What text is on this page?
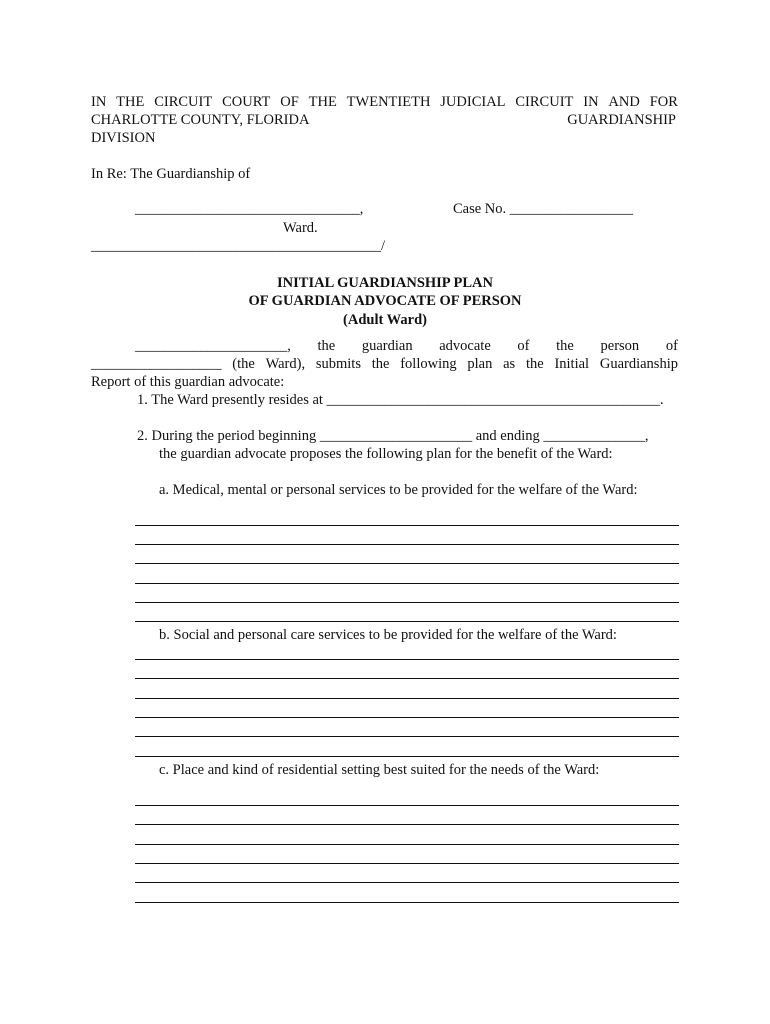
IN THE CIRCUIT COURT OF THE TWENTIETH JUDICIAL CIRCUIT IN AND FOR
CHARLOTTE COUNTY, FLORIDA	GUARDIANSHIP
DIVISION
In Re: The Guardianship of
_______________________________,	Case No. _________________
Ward.
________________________________________/
INITIAL GUARDIANSHIP PLAN
OF GUARDIAN ADVOCATE OF PERSON
(Adult Ward)
_____________________, the guardian advocate of the person of
__________________ (the Ward), submits the following plan as the Initial Guardianship
Report of this guardian advocate:
1. The Ward presently resides at ______________________________________________.
2. During the period beginning _____________________ and ending ______________,
the guardian advocate proposes the following plan for the benefit of the Ward:
a. Medical, mental or personal services to be provided for the welfare of the Ward:
b. Social and personal care services to be provided for the welfare of the Ward:
c. Place and kind of residential setting best suited for the needs of the Ward:
